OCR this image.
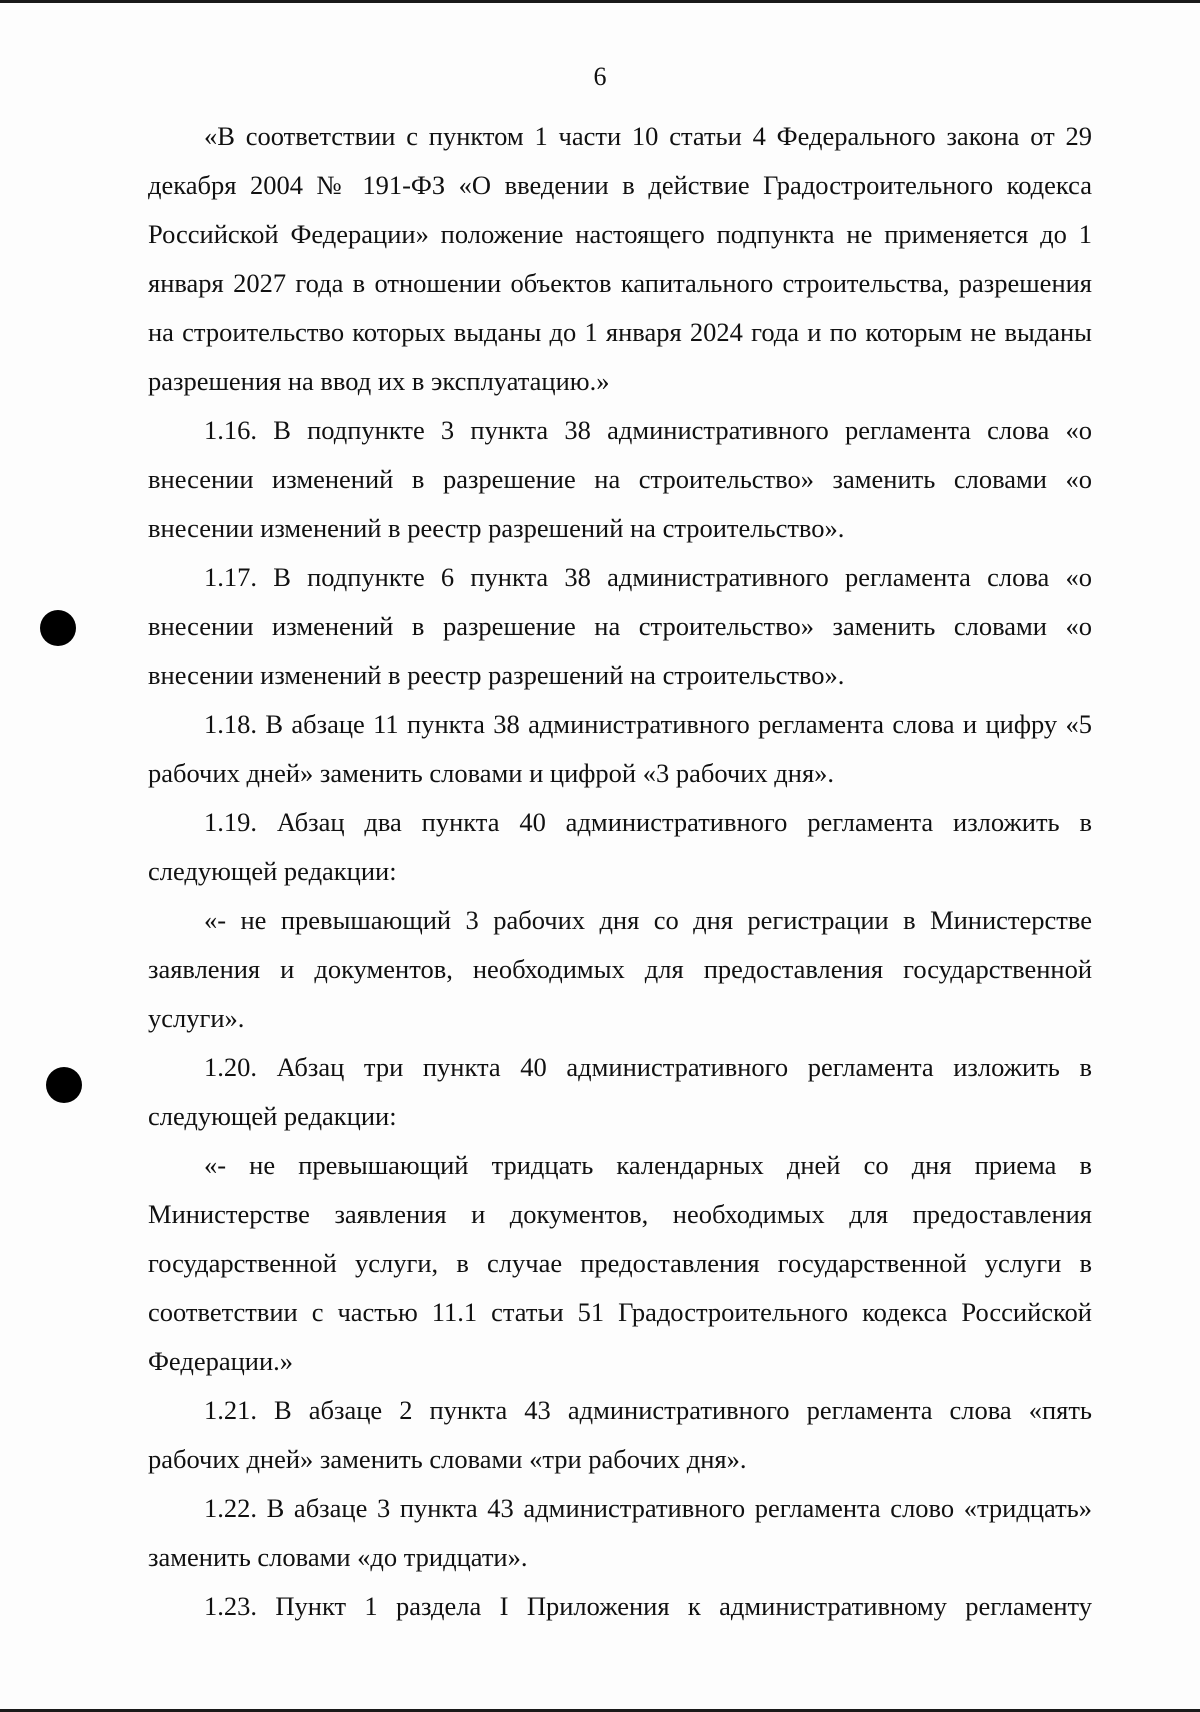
6

«В соответствии с пунктом 1 части 10 статьи 4 Федерального закона от 29 декабря 2004 № 191-ФЗ «О введении в действие Градостроительного кодекса Российской Федерации» положение настоящего подпункта не применяется до 1 января 2027 года в отношении объектов капитального строительства, разрешения на строительство которых выданы до 1 января 2024 года и по которым не выданы разрешения на ввод их в эксплуатацию.»

1.16. В подпункте 3 пункта 38 административного регламента слова «о внесении изменений в разрешение на строительство» заменить словами «о внесении изменений в реестр разрешений на строительство».

1.17. В подпункте 6 пункта 38 административного регламента слова «о внесении изменений в разрешение на строительство» заменить словами «о внесении изменений в реестр разрешений на строительство».

1.18. В абзаце 11 пункта 38 административного регламента слова и цифру «5 рабочих дней» заменить словами и цифрой «3 рабочих дня».

1.19. Абзац два пункта 40 административного регламента изложить в следующей редакции:

«- не превышающий 3 рабочих дня со дня регистрации в Министерстве заявления и документов, необходимых для предоставления государственной услуги».

1.20. Абзац три пункта 40 административного регламента изложить в следующей редакции:

«- не превышающий тридцать календарных дней со дня приема в Министерстве заявления и документов, необходимых для предоставления государственной услуги, в случае предоставления государственной услуги в соответствии с частью 11.1 статьи 51 Градостроительного кодекса Российской Федерации.»

1.21. В абзаце 2 пункта 43 административного регламента слова «пять рабочих дней» заменить словами «три рабочих дня».

1.22. В абзаце 3 пункта 43 административного регламента слово «тридцать» заменить словами «до тридцати».

1.23. Пункт 1 раздела I Приложения к административному регламенту
